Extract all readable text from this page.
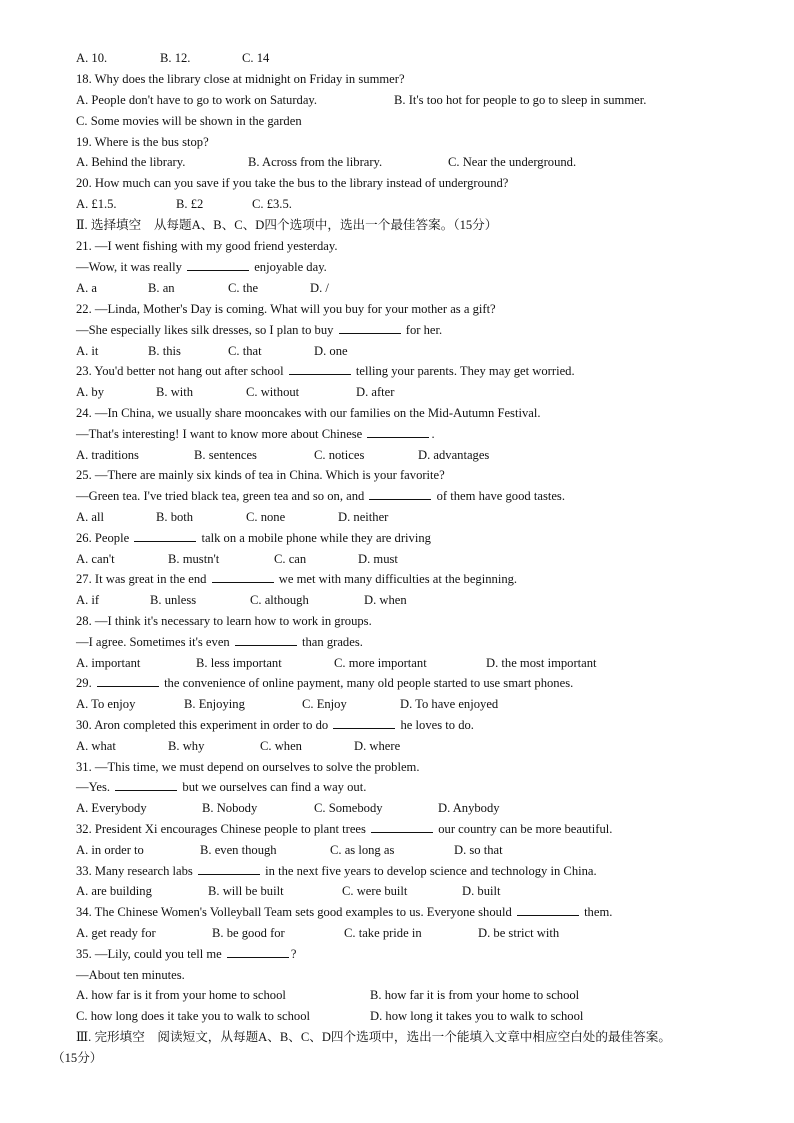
A. 10.	B. 12.	C. 14
18. Why does the library close at midnight on Friday in summer?
A. People don't have to go to work on Saturday.	B. It's too hot for people to go to sleep in summer.
C. Some movies will be shown in the garden
19. Where is the bus stop?
A. Behind the library.	B. Across from the library.	C. Near the underground.
20. How much can you save if you take the bus to the library instead of underground?
A. £1.5.	B. £2	C. £3.5.
Ⅱ. 选择填空　从每题A、B、C、D四个选项中，选出一个最佳答案。（15分）
21. —I went fishing with my good friend yesterday.
—Wow, it was really	enjoyable day.
A. a	B. an	C. the	D. /
22. —Linda, Mother's Day is coming. What will you buy for your mother as a gift?
—She especially likes silk dresses, so I plan to buy	for her.
A. it	B. this	C. that	D. one
23. You'd better not hang out after school	telling your parents. They may get worried.
A. by	B. with	C. without	D. after
24. —In China, we usually share mooncakes with our families on the Mid-Autumn Festival.
—That's interesting! I want to know more about Chinese	.
A. traditions	B. sentences	C. notices	D. advantages
25. —There are mainly six kinds of tea in China. Which is your favorite?
—Green tea. I've tried black tea, green tea and so on, and	of them have good tastes.
A. all	B. both	C. none	D. neither
26. People	talk on a mobile phone while they are driving
A. can't	B. mustn't	C. can	D. must
27. It was great in the end	we met with many difficulties at the beginning.
A. if	B. unless	C. although	D. when
28. —I think it's necessary to learn how to work in groups.
—I agree. Sometimes it's even	than grades.
A. important	B. less important	C. more important	D. the most important
29.	the convenience of online payment, many old people started to use smart phones.
A. To enjoy	B. Enjoying	C. Enjoy	D. To have enjoyed
30. Aron completed this experiment in order to do	he loves to do.
A. what	B. why	C. when	D. where
31. —This time, we must depend on ourselves to solve the problem.
—Yes.	but we ourselves can find a way out.
A. Everybody	B. Nobody	C. Somebody	D. Anybody
32. President Xi encourages Chinese people to plant trees	our country can be more beautiful.
A. in order to	B. even though	C. as long as	D. so that
33. Many research labs	in the next five years to develop science and technology in China.
A. are building	B. will be built	C. were built	D. built
34. The Chinese Women's Volleyball Team sets good examples to us. Everyone should	them.
A. get ready for	B. be good for	C. take pride in	D. be strict with
35. —Lily, could you tell me	?
—About ten minutes.
A. how far is it from your home to school	B. how far it is from your home to school
C. how long does it take you to walk to school	D. how long it takes you to walk to school
Ⅲ. 完形填空　阅读短文，从每题A、B、C、D四个选项中，选出一个能填入文章中相应空白处的最佳答案。
（15分）
